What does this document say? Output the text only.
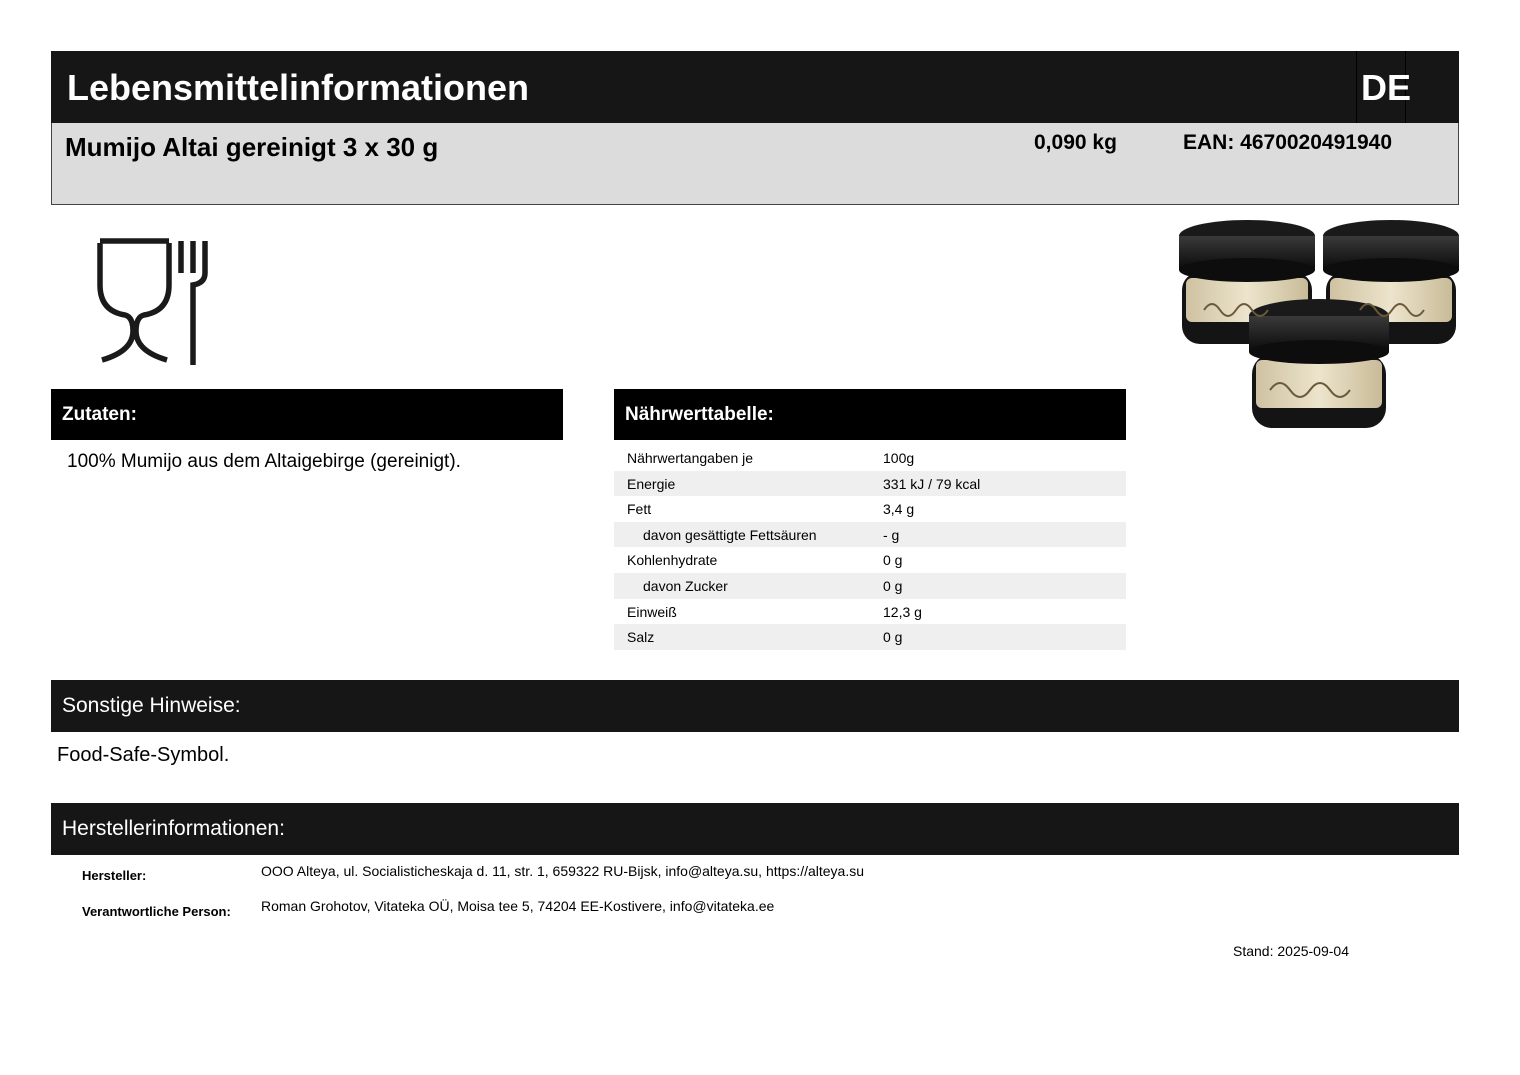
Lebensmittelinformationen	DE
Mumijo Altai gereinigt 3 x 30 g	0,090 kg	EAN: 4670020491940
Zutaten:
100% Mumijo aus dem Altaigebirge (gereinigt).
Nährwerttabelle:
Nährwertangaben je	100g
Energie	331 kJ / 79 kcal
Fett	3,4 g
davon gesättigte Fettsäuren	- g
Kohlenhydrate	0 g
davon Zucker	0 g
Einweiß	12,3 g
Salz	0 g
Sonstige Hinweise:
Food-Safe-Symbol.
Herstellerinformationen:
Hersteller:	OOO Alteya, ul. Socialisticheskaja d. 11, str. 1, 659322 RU-Bijsk, info@alteya.su, https://alteya.su
Verantwortliche Person: Roman Grohotov, Vitateka OÜ, Moisa tee 5, 74204 EE-Kostivere, info@vitateka.ee
Stand: 2025-09-04
